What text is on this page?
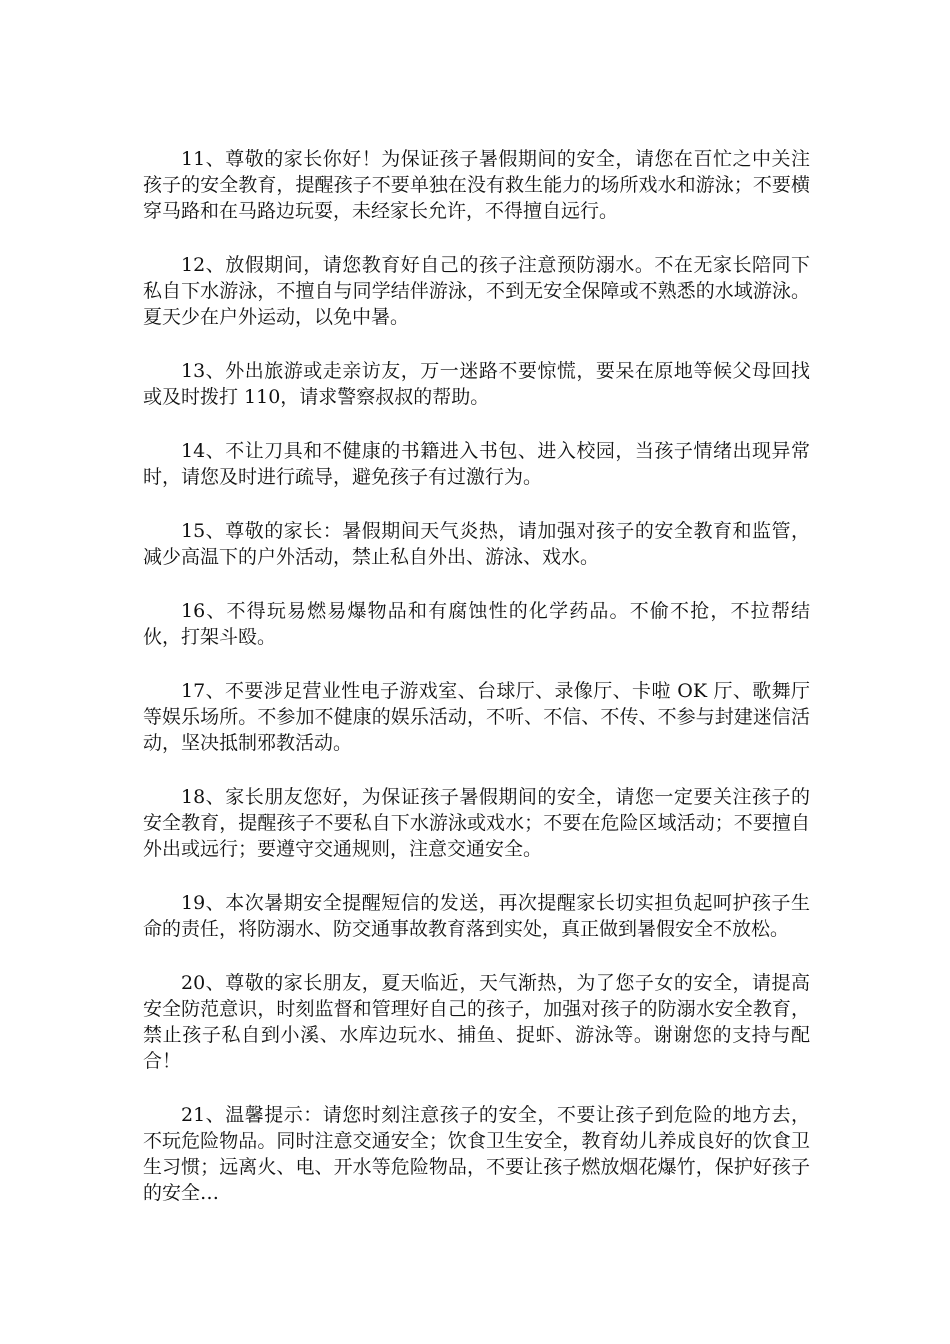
11、尊敬的家长你好！为保证孩子暑假期间的安全，请您在百忙之中关注孩子的安全教育，提醒孩子不要单独在没有救生能力的场所戏水和游泳；不要横穿马路和在马路边玩耍，未经家长允许，不得擅自远行。

12、放假期间，请您教育好自己的孩子注意预防溺水。不在无家长陪同下私自下水游泳，不擅自与同学结伴游泳，不到无安全保障或不熟悉的水域游泳。夏天少在户外运动，以免中暑。

13、外出旅游或走亲访友，万一迷路不要惊慌，要呆在原地等候父母回找或及时拨打 110，请求警察叔叔的帮助。

14、不让刀具和不健康的书籍进入书包、进入校园，当孩子情绪出现异常时，请您及时进行疏导，避免孩子有过激行为。

15、尊敬的家长：暑假期间天气炎热，请加强对孩子的安全教育和监管，减少高温下的户外活动，禁止私自外出、游泳、戏水。

16、不得玩易燃易爆物品和有腐蚀性的化学药品。不偷不抢，不拉帮结伙，打架斗殴。

17、不要涉足营业性电子游戏室、台球厅、录像厅、卡啦 OK 厅、歌舞厅等娱乐场所。不参加不健康的娱乐活动，不听、不信、不传、不参与封建迷信活动，坚决抵制邪教活动。

18、家长朋友您好，为保证孩子暑假期间的安全，请您一定要关注孩子的安全教育，提醒孩子不要私自下水游泳或戏水；不要在危险区域活动；不要擅自外出或远行；要遵守交通规则，注意交通安全。

19、本次暑期安全提醒短信的发送，再次提醒家长切实担负起呵护孩子生命的责任，将防溺水、防交通事故教育落到实处，真正做到暑假安全不放松。

20、尊敬的家长朋友，夏天临近，天气渐热，为了您子女的安全，请提高安全防范意识，时刻监督和管理好自己的孩子，加强对孩子的防溺水安全教育，禁止孩子私自到小溪、水库边玩水、捕鱼、捉虾、游泳等。谢谢您的支持与配合！

21、温馨提示：请您时刻注意孩子的安全，不要让孩子到危险的地方去，不玩危险物品。同时注意交通安全；饮食卫生安全，教育幼儿养成良好的饮食卫生习惯；远离火、电、开水等危险物品，不要让孩子燃放烟花爆竹，保护好孩子的安全…
